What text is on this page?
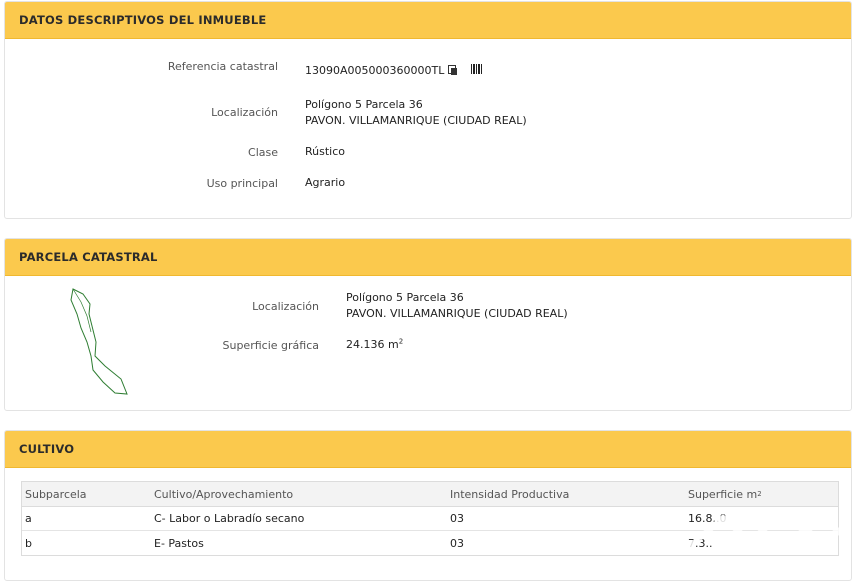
DATOS DESCRIPTIVOS DEL INMUEBLE
Referencia catastral 13090A005000360000TL
Localización
Polígono 5 Parcela 36
PAVON. VILLAMANRIQUE (CIUDAD REAL)
Clase Rústico
Uso principal Agrario
PARCELA CATASTRAL
Localización
Polígono 5 Parcela 36
PAVON. VILLAMANRIQUE (CIUDAD REAL)
Superficie gráfica 24.136 $m^2$
CULTIVO
Subparcela	Cultivo/Aprovechamiento	Intensidad Productiva	Superficie m 2
a	C- Labor o Labradío secano	03	16.8..0
b	E- Pastos	03	7.3..
